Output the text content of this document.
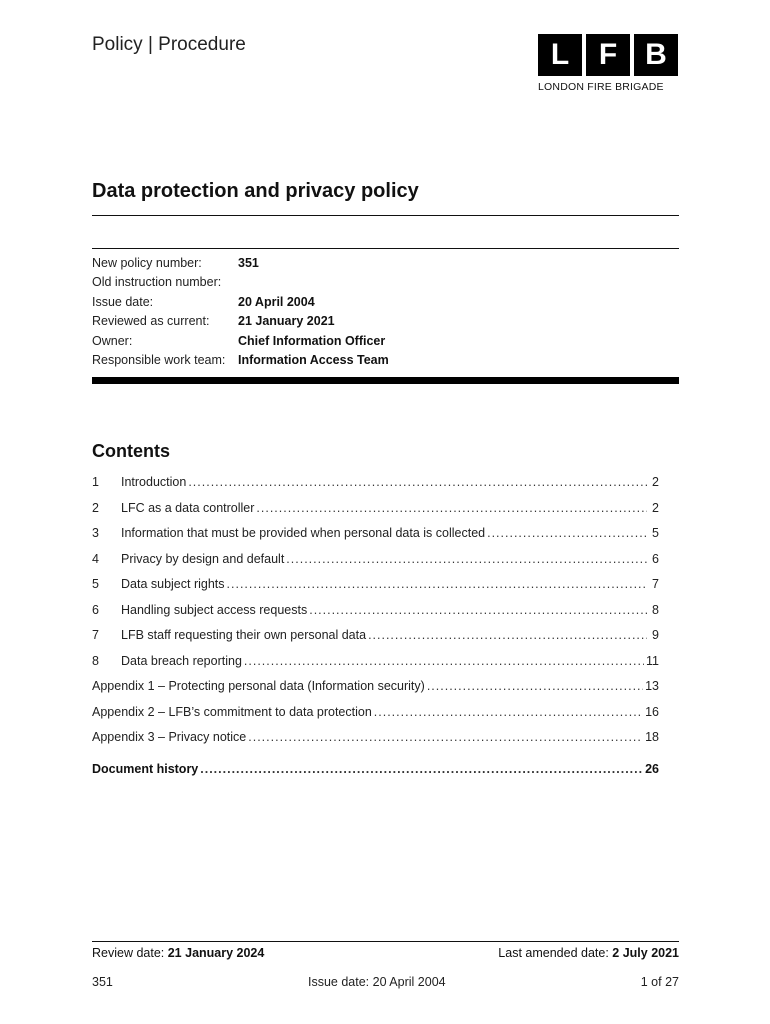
Policy | Procedure	L F B
LONDON FIRE BRIGADE
Data protection and privacy policy
New policy number:	351
Old instruction number:
Issue date:	20 April 2004
Reviewed as current:	21 January 2021
Owner:	Chief Information Officer
Responsible work team:	Information Access Team
Contents
1	Introduction .....	2
2	LFC as a data controller .....	2
3	Information that must be provided when personal data is collected .....	5
4	Privacy by design and default .....	6
5	Data subject rights .....	7
6	Handling subject access requests .....	8
7	LFB staff requesting their own personal data .....	9
8	Data breach reporting .....	11
Appendix 1 – Protecting personal data (Information security) .....	13
Appendix 2 – LFB’s commitment to data protection .....	16
Appendix 3 – Privacy notice .....	18
Document history .....	26
Review date: 21 January 2024	Last amended date: 2 July 2021
351	Issue date: 20 April 2004	1 of 27
